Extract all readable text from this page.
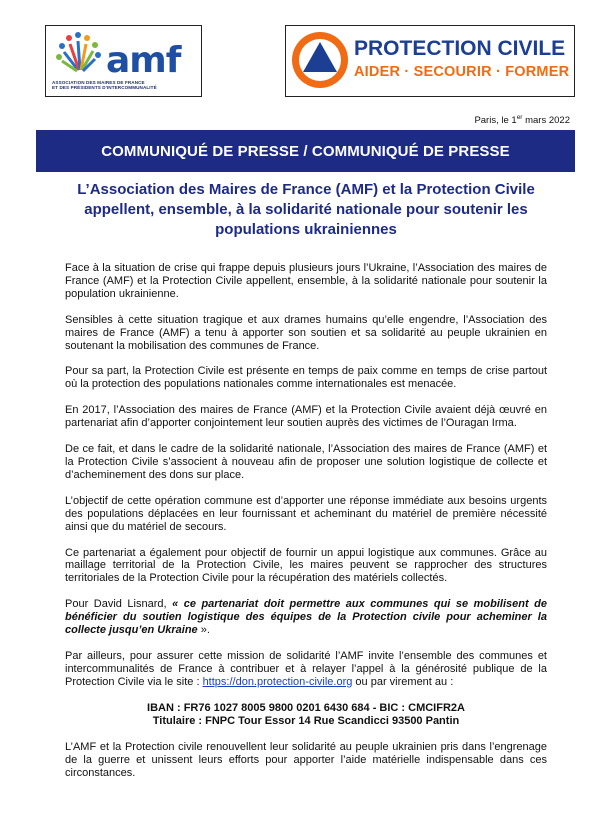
amf
ASSOCIATION DES MAIRES DE FRANCE
ET DES PRÉSIDENTS D'INTERCOMMUNALITÉ
PROTECTION CIVILE
AIDER · SECOURIR · FORMER
Paris, le 1er mars 2022
COMMUNIQUÉ DE PRESSE / COMMUNIQUÉ DE PRESSE
L’Association des Maires de France (AMF) et la Protection Civile appellent, ensemble, à la solidarité nationale pour soutenir les populations ukrainiennes

Face à la situation de crise qui frappe depuis plusieurs jours l’Ukraine, l’Association des maires de France (AMF) et la Protection Civile appellent, ensemble, à la solidarité nationale pour soutenir la population ukrainienne.

Sensibles à cette situation tragique et aux drames humains qu’elle engendre, l’Association des maires de France (AMF) a tenu à apporter son soutien et sa solidarité au peuple ukrainien en soutenant la mobilisation des communes de France.

Pour sa part, la Protection Civile est présente en temps de paix comme en temps de crise partout où la protection des populations nationales comme internationales est menacée.

En 2017, l’Association des maires de France (AMF) et la Protection Civile avaient déjà œuvré en partenariat afin d’apporter conjointement leur soutien auprès des victimes de l’Ouragan Irma.

De ce fait, et dans le cadre de la solidarité nationale, l’Association des maires de France (AMF) et la Protection Civile s’associent à nouveau afin de proposer une solution logistique de collecte et d’acheminement des dons sur place.

L’objectif de cette opération commune est d’apporter une réponse immédiate aux besoins urgents des populations déplacées en leur fournissant et acheminant du matériel de première nécessité ainsi que du matériel de secours.

Ce partenariat a également pour objectif de fournir un appui logistique aux communes. Grâce au maillage territorial de la Protection Civile, les maires peuvent se rapprocher des structures territoriales de la Protection Civile pour la récupération des matériels collectés.

Pour David Lisnard, « ce partenariat doit permettre aux communes qui se mobilisent de bénéficier du soutien logistique des équipes de la Protection civile pour acheminer la collecte jusqu’en Ukraine ».

Par ailleurs, pour assurer cette mission de solidarité l’AMF invite l’ensemble des communes et intercommunalités de France à contribuer et à relayer l’appel à la générosité publique de la Protection Civile via le site : https://don.protection-civile.org ou par virement au :

IBAN : FR76 1027 8005 9800 0201 6430 684 - BIC : CMCIFR2A
Titulaire : FNPC Tour Essor 14 Rue Scandicci 93500 Pantin

L’AMF et la Protection civile renouvellent leur solidarité au peuple ukrainien pris dans l’engrenage de la guerre et unissent leurs efforts pour apporter l’aide matérielle indispensable dans ces circonstances.
